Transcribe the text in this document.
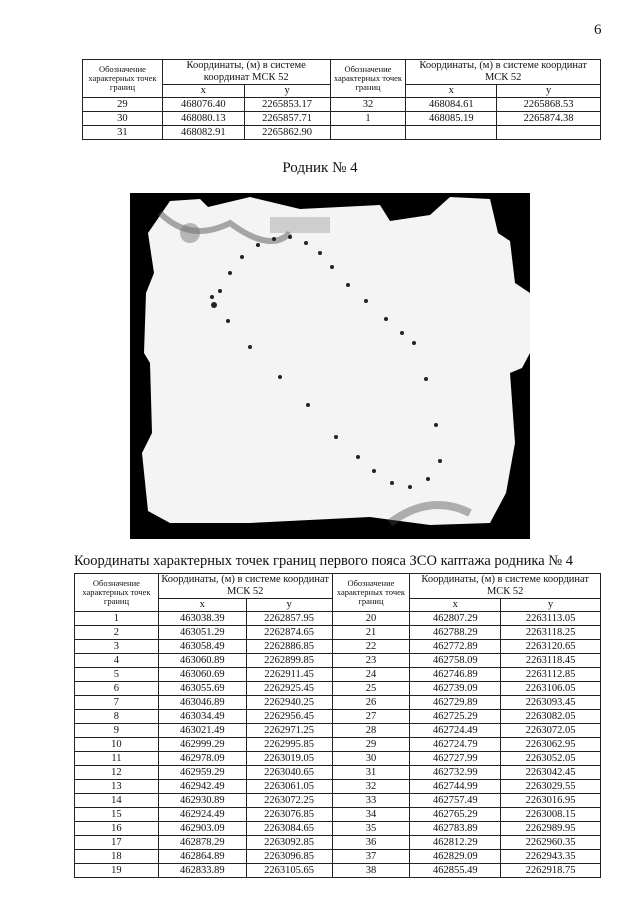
6
Обозначение характерных точек границ	Координаты, (м) в системе координат МСК 52		Обозначение характерных точек границ	Координаты, (м) в системе координат МСК 52	
	x	y		x	y
29	468076.40	2265853.17	32	468084.61	2265868.53
30	468080.13	2265857.71	1	468085.19	2265874.38
31	468082.91	2265862.90			
Родник № 4
Координаты характерных точек границ первого пояса ЗСО каптажа родника № 4
Обозначение характерных точек границ	Координаты, (м) в системе координат МСК 52		Обозначение характерных точек границ	Координаты, (м) в системе координат МСК 52	
	x	y		x	y
1	463038.39	2262857.95	20	462807.29	2263113.05
2	463051.29	2262874.65	21	462788.29	2263118.25
3	463058.49	2262886.85	22	462772.89	2263120.65
4	463060.89	2262899.85	23	462758.09	2263118.45
5	463060.69	2262911.45	24	462746.89	2263112.85
6	463055.69	2262925.45	25	462739.09	2263106.05
7	463046.89	2262940.25	26	462729.89	2263093.45
8	463034.49	2262956.45	27	462725.29	2263082.05
9	463021.49	2262971.25	28	462724.49	2263072.05
10	462999.29	2262995.85	29	462724.79	2263062.95
11	462978.09	2263019.05	30	462727.99	2263052.05
12	462959.29	2263040.65	31	462732.99	2263042.45
13	462942.49	2263061.05	32	462744.99	2263029.55
14	462930.89	2263072.25	33	462757.49	2263016.95
15	462924.49	2263076.85	34	462765.29	2263008.15
16	462903.09	2263084.65	35	462783.89	2262989.95
17	462878.29	2263092.85	36	462812.29	2262960.35
18	462864.89	2263096.85	37	462829.09	2262943.35
19	462833.89	2263105.65	38	462855.49	2262918.75
